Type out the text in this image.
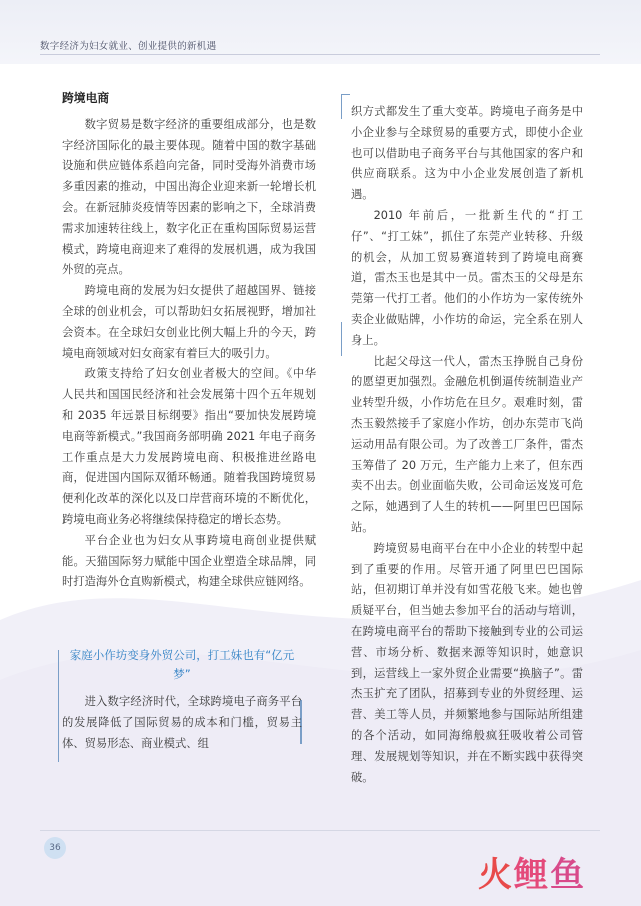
数字经济为妇女就业、创业提供的新机遇
跨境电商

数字贸易是数字经济的重要组成部分，也是数字经济国际化的最主要体现。随着中国的数字基础设施和供应链体系趋向完备，同时受海外消费市场多重因素的推动，中国出海企业迎来新一轮增长机会。在新冠肺炎疫情等因素的影响之下，全球消费需求加速转往线上，数字化正在重构国际贸易运营模式，跨境电商迎来了难得的发展机遇，成为我国外贸的亮点。

跨境电商的发展为妇女提供了超越国界、链接全球的创业机会，可以帮助妇女拓展视野，增加社会资本。在全球妇女创业比例大幅上升的今天，跨境电商领域对妇女商家有着巨大的吸引力。

政策支持给了妇女创业者极大的空间。《中华人民共和国国民经济和社会发展第十四个五年规划和 2035 年远景目标纲要》指出“要加快发展跨境电商等新模式。”我国商务部明确 2021 年电子商务工作重点是大力发展跨境电商、积极推进丝路电商，促进国内国际双循环畅通。随着我国跨境贸易便利化改革的深化以及口岸营商环境的不断优化，跨境电商业务必将继续保持稳定的增长态势。

平台企业也为妇女从事跨境电商创业提供赋能。天猫国际努力赋能中国企业塑造全球品牌，同时打造海外仓直购新模式，构建全球供应链网络。

家庭小作坊变身外贸公司，打工妹也有“亿元梦”

进入数字经济时代，全球跨境电子商务平台的发展降低了国际贸易的成本和门槛，贸易主体、贸易形态、商业模式、组

织方式都发生了重大变革。跨境电子商务是中小企业参与全球贸易的重要方式，即使小企业也可以借助电子商务平台与其他国家的客户和供应商联系。这为中小企业发展创造了新机遇。

2010 年前后，一批新生代的“打工仔”、“打工妹”，抓住了东莞产业转移、升级的机会，从加工贸易赛道转到了跨境电商赛道，雷杰玉也是其中一员。雷杰玉的父母是东莞第一代打工者。他们的小作坊为一家传统外卖企业做贴牌，小作坊的命运，完全系在别人身上。

比起父母这一代人，雷杰玉挣脱自己身份的愿望更加强烈。金融危机倒逼传统制造业产业转型升级，小作坊危在旦夕。艰难时刻，雷杰玉毅然接手了家庭小作坊，创办东莞市飞尚运动用品有限公司。为了改善工厂条件，雷杰玉筹借了 20 万元，生产能力上来了，但东西卖不出去。创业面临失败，公司命运岌岌可危之际，她遇到了人生的转机——阿里巴巴国际站。

跨境贸易电商平台在中小企业的转型中起到了重要的作用。尽管开通了阿里巴巴国际站，但初期订单并没有如雪花般飞来。她也曾质疑平台，但当她去参加平台的活动与培训，在跨境电商平台的帮助下接触到专业的公司运营、市场分析、数据来源等知识时，她意识到，运营线上一家外贸企业需要“换脑子”。雷杰玉扩充了团队，招募到专业的外贸经理、运营、美工等人员，并频繁地参与国际站所组建的各个活动，如同海绵般疯狂吸收着公司管理、发展规划等知识，并在不断实践中获得突破。

36
火鲤鱼
